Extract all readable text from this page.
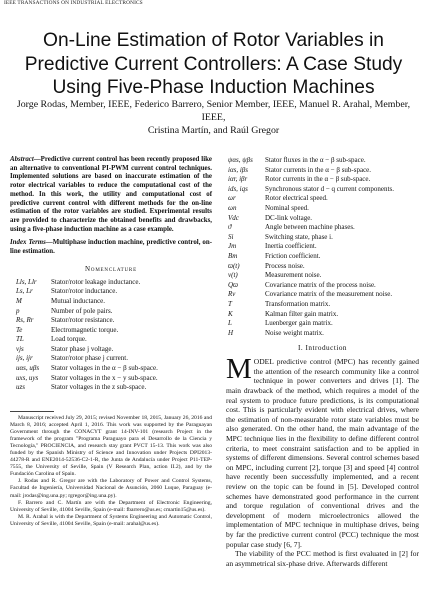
IEEE TRANSACTIONS ON INDUSTRIAL ELECTRONICS
On-Line Estimation of Rotor Variables in Predictive Current Controllers: A Case Study Using Five-Phase Induction Machines
Jorge Rodas, Member, IEEE, Federico Barrero, Senior Member, IEEE, Manuel R. Arahal, Member, IEEE,
Cristina Martín, and Raúl Gregor

Abstract—Predictive current control has been recently proposed like an alternative to conventional PI-PWM current control techniques. Implemented solutions are based on inaccurate estimation of the rotor electrical variables to reduce the computational cost of the method. In this work, the utility and computational cost of predictive current control with different methods for the on-line estimation of the rotor variables are studied. Experimental results are provided to characterize the obtained benefits and drawbacks, using a five-phase induction machine as a case example.

Index Terms—Multiphase induction machine, predictive control, on-line estimation.

Nomenclature
Lls, Llr	Stator/rotor leakage inductance.
Ls, Lr	Stator/rotor inductance.
M	Mutual inductance.
p	Number of pole pairs.
Rs, Rr	Stator/rotor resistance.
Te	Electromagnetic torque.
TL	Load torque.
vjs	Stator phase j voltage.
ijs, ijr	Stator/rotor phase j current.
uαs, uβs	Stator voltages in the α − β sub-space.
uxs, uys	Stator voltages in the x − y sub-space.
uzs	Stator voltages in the z sub-space.

Manuscript received July 29, 2015; revised November 18, 2015, January 26, 2016 and March 8, 2016; accepted April 1, 2016. This work was supported by the Paraguayan Government through the CONACYT grant 14-INV-101 (research Project in the framework of the program "Programa Paraguayo para el Desarrollo de la Ciencia y Tecnología," PROCIENCIA, and research stay grant PVCT 15-13. This work was also funded by the Spanish Ministry of Science and Innovation under Projects DPI2013-44278-R and ENE2014-52536-C2-1-R, the Junta de Andalucía under Project P11-TEP-7555, the University of Seville, Spain (V Research Plan, action II.2), and by the Fundación Carolina of Spain.

J. Rodas and R. Gregor are with the Laboratory of Power and Control Systems, Facultad de Ingeniería, Universidad Nacional de Asunción, 2060 Luque, Paraguay (e-mail: jrodas@ing.una.py; rgregor@ing.una.py).

F. Barrero and C. Martín are with the Department of Electronic Engineering, University of Seville, 41004 Seville, Spain (e-mail: fbarrero@us.es; cmartin15@us.es).

M. R. Arahal is with the Department of Systems Engineering and Automatic Control, University of Seville, 41004 Seville, Spain (e-mail: arahal@us.es).

ψαs, ψβs	Stator fluxes in the α − β sub-space.
iαs, iβs	Stator currents in the α − β sub-space.
iαr, iβr	Rotor currents in the α − β sub-space.
ids, iqs	Synchronous stator d − q current components.
ωr	Rotor electrical speed.
ωn	Nominal speed.
Vdc	DC-link voltage.
ϑ	Angle between machine phases.
Si	Switching state, phase i.
Jm	Inertia coefficient.
Bm	Friction coefficient.
ϖ(t)	Process noise.
ν(t)	Measurement noise.
Qϖ	Covariance matrix of the process noise.
Rν	Covariance matrix of the measurement noise.
T	Transformation matrix.
K	Kalman filter gain matrix.
L	Luenberger gain matrix.
H	Noise weight matrix.
I. Introduction

MODEL predictive control (MPC) has recently gained the attention of the research community like a control technique in power converters and drives [1]. The main drawback of the method, which requires a model of the real system to produce future predictions, is its computational cost. This is particularly evident with electrical drives, where the estimation of non-measurable rotor state variables must be also generated. On the other hand, the main advantage of the MPC technique lies in the flexibility to define different control criteria, to meet constraint satisfaction and to be applied in systems of different dimensions. Several control schemes based on MPC, including current [2], torque [3] and speed [4] control have recently been successfully implemented, and a recent review on the topic can be found in [5]. Developed control schemes have demonstrated good performance in the current and torque regulation of conventional drives and the development of modern microelectronics allowed the implementation of MPC technique in multiphase drives, being by far the predictive current control (PCC) technique the most popular case study [6, 7].

The viability of the PCC method is first evaluated in [2] for an asymmetrical six-phase drive. Afterwards different
